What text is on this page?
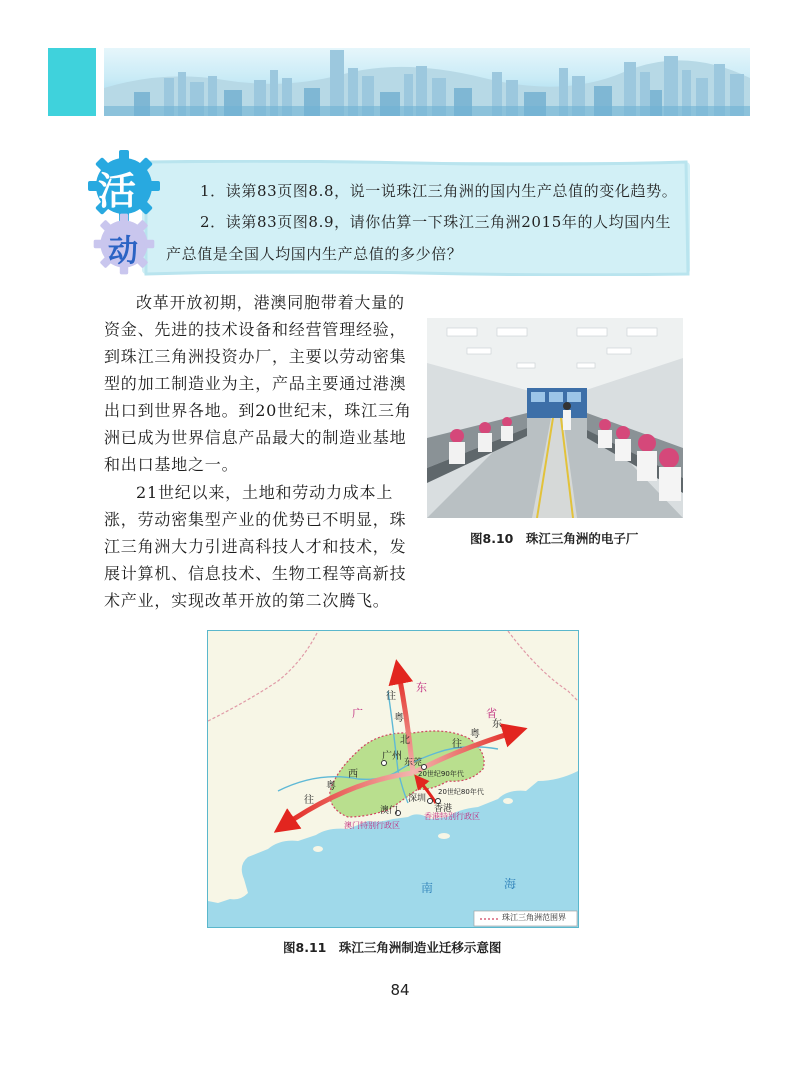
活
动
1．读第83页图8.8，说一说珠江三角洲的国内生产总值的变化趋势。
2．读第83页图8.9，请你估算一下珠江三角洲2015年的人均国内生
产总值是全国人均国内生产总值的多少倍？
改革开放初期，港澳同胞带着大量的
资金、先进的技术设备和经营管理经验，
到珠江三角洲投资办厂，主要以劳动密集
型的加工制造业为主，产品主要通过港澳
出口到世界各地。到20世纪末，珠江三角
洲已成为世界信息产品最大的制造业基地
和出口基地之一。
21世纪以来，土地和劳动力成本上
涨，劳动密集型产业的优势已不明显，珠
江三角洲大力引进高科技人才和技术，发
展计算机、信息技术、生物工程等高新技
术产业，实现改革开放的第二次腾飞。
图8.10　珠江三角洲的电子厂
广
东
省
往
粤
北	往
粤
东
往
粤
西
广州
东莞
20世纪90年代
20世纪80年代
深圳
香港
澳门
澳门特别行政区
香港特别行政区
南	海
珠江三角洲范围界
图8.11　珠江三角洲制造业迁移示意图
84
